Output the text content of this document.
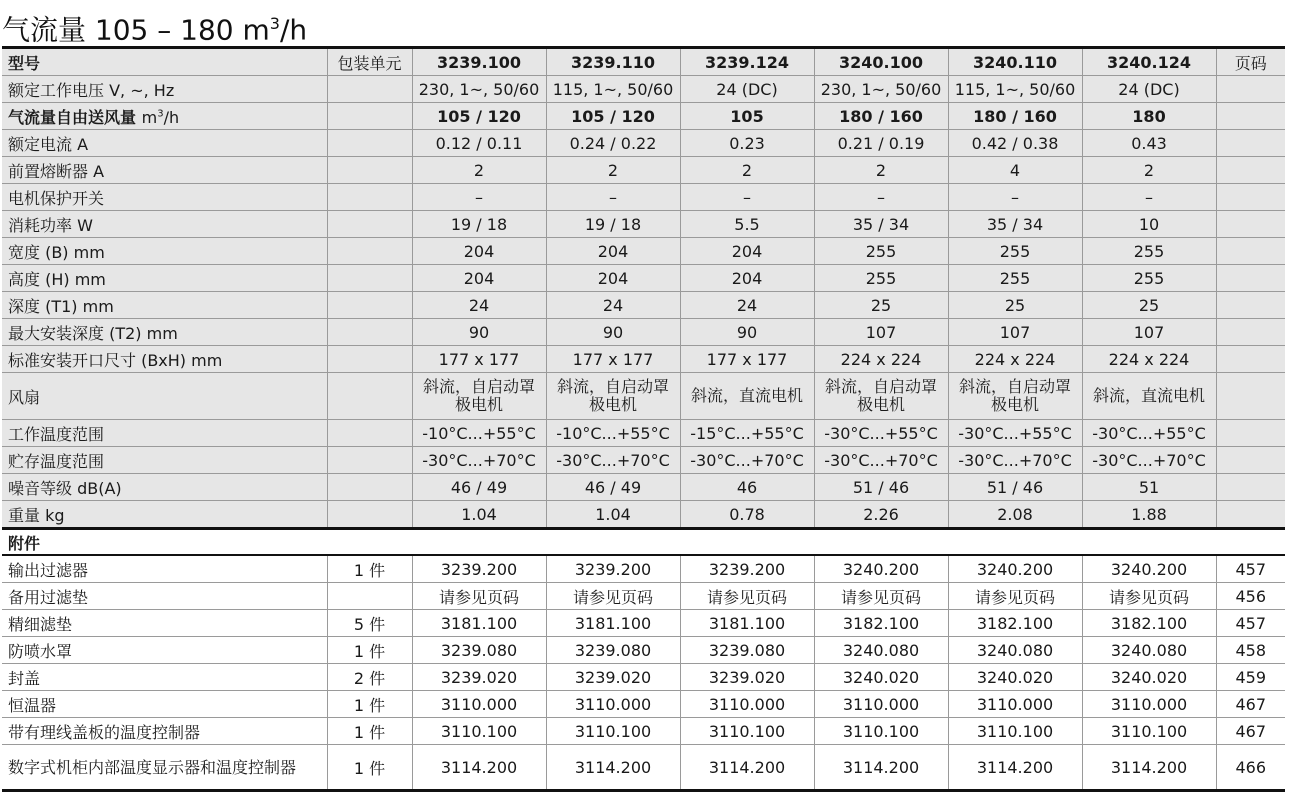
气流量 105 – 180 $m^3/h$
型号	包装单元	3239.100	3239.110	3239.124	3240.100	3240.110	3240.124	页码
额定工作电压 V, ~, Hz		230, 1~, 50/60	115, 1~, 50/60	24 (DC)	230, 1~, 50/60	115, 1~, 50/60	24 (DC)	
气流量自由送风量 $m^3/h$		105 / 120	105 / 120	105	180 / 160	180 / 160	180	
额定电流 A		0.12 / 0.11	0.24 / 0.22	0.23	0.21 / 0.19	0.42 / 0.38	0.43	
前置熔断器 A		2	2	2	2	4	2	
电机保护开关		–	–	–	–	–	–	
消耗功率 W		19 / 18	19 / 18	5.5	35 / 34	35 / 34	10	
宽度 (B) mm		204	204	204	255	255	255	
高度 (H) mm		204	204	204	255	255	255	
深度 (T1) mm		24	24	24	25	25	25	
最大安装深度 (T2) mm		90	90	90	107	107	107	
标准安装开口尺寸 (BxH) mm		177 x 177	177 x 177	177 x 177	224 x 224	224 x 224	224 x 224	
风扇		斜流，自启动罩极电机	斜流，自启动罩极电机	斜流，直流电机	斜流，自启动罩极电机	斜流，自启动罩极电机	斜流，直流电机	
工作温度范围		-10°C...+55°C	-10°C...+55°C	-15°C...+55°C	-30°C...+55°C	-30°C...+55°C	-30°C...+55°C	
贮存温度范围		-30°C...+70°C	-30°C...+70°C	-30°C...+70°C	-30°C...+70°C	-30°C...+70°C	-30°C...+70°C	
噪音等级 dB(A)		46 / 49	46 / 49	46	51 / 46	51 / 46	51	
重量 kg		1.04	1.04	0.78	2.26	2.08	1.88	
附件								
输出过滤器	1 件	3239.200	3239.200	3239.200	3240.200	3240.200	3240.200	457
备用过滤垫		请参见页码	请参见页码	请参见页码	请参见页码	请参见页码	请参见页码	456
精细滤垫	5 件	3181.100	3181.100	3181.100	3182.100	3182.100	3182.100	457
防喷水罩	1 件	3239.080	3239.080	3239.080	3240.080	3240.080	3240.080	458
封盖	2 件	3239.020	3239.020	3239.020	3240.020	3240.020	3240.020	459
恒温器	1 件	3110.000	3110.000	3110.000	3110.000	3110.000	3110.000	467
带有理线盖板的温度控制器	1 件	3110.100	3110.100	3110.100	3110.100	3110.100	3110.100	467
数字式机柜内部温度显示器和温度控制器	1 件	3114.200	3114.200	3114.200	3114.200	3114.200	3114.200	466
